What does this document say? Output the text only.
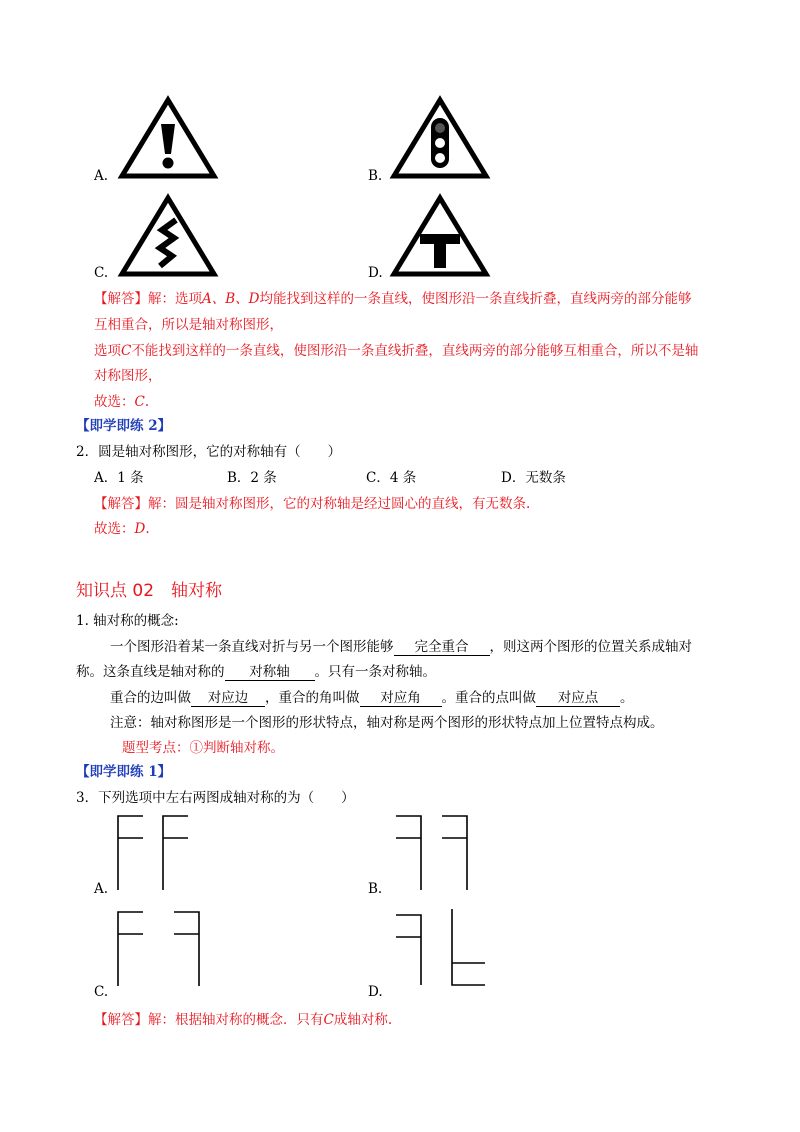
A.	B.
C.	D.
【解答】解：选项A、B、D均能找到这样的一条直线，使图形沿一条直线折叠，直线两旁的部分能够
互相重合，所以是轴对称图形，
选项C不能找到这样的一条直线，使图形沿一条直线折叠，直线两旁的部分能够互相重合，所以不是轴
对称图形，
故选：C.
【即学即练 2】
2．圆是轴对称图形，它的对称轴有（　　）
A．1 条	B．2 条	C．4 条	D．无数条
【解答】解：圆是轴对称图形，它的对称轴是经过圆心的直线，有无数条.
故选：D.
知识点 02　轴对称
1. 轴对称的概念:
一个图形沿着某一条直线对折与另一个图形能够 完全重合 ，则这两个图形的位置关系成轴对
称。这条直线是轴对称的 对称轴 。只有一条对称轴。
重合的边叫做 对应边 ，重合的角叫做 对应角 。重合的点叫做 对应点 。
注意：轴对称图形是一个图形的形状特点，轴对称是两个图形的形状特点加上位置特点构成。
题型考点：①判断轴对称。
【即学即练 1】
3．下列选项中左右两图成轴对称的为（　　）
A.	B.
C.	D.
【解答】解：根据轴对称的概念．只有C成轴对称.
